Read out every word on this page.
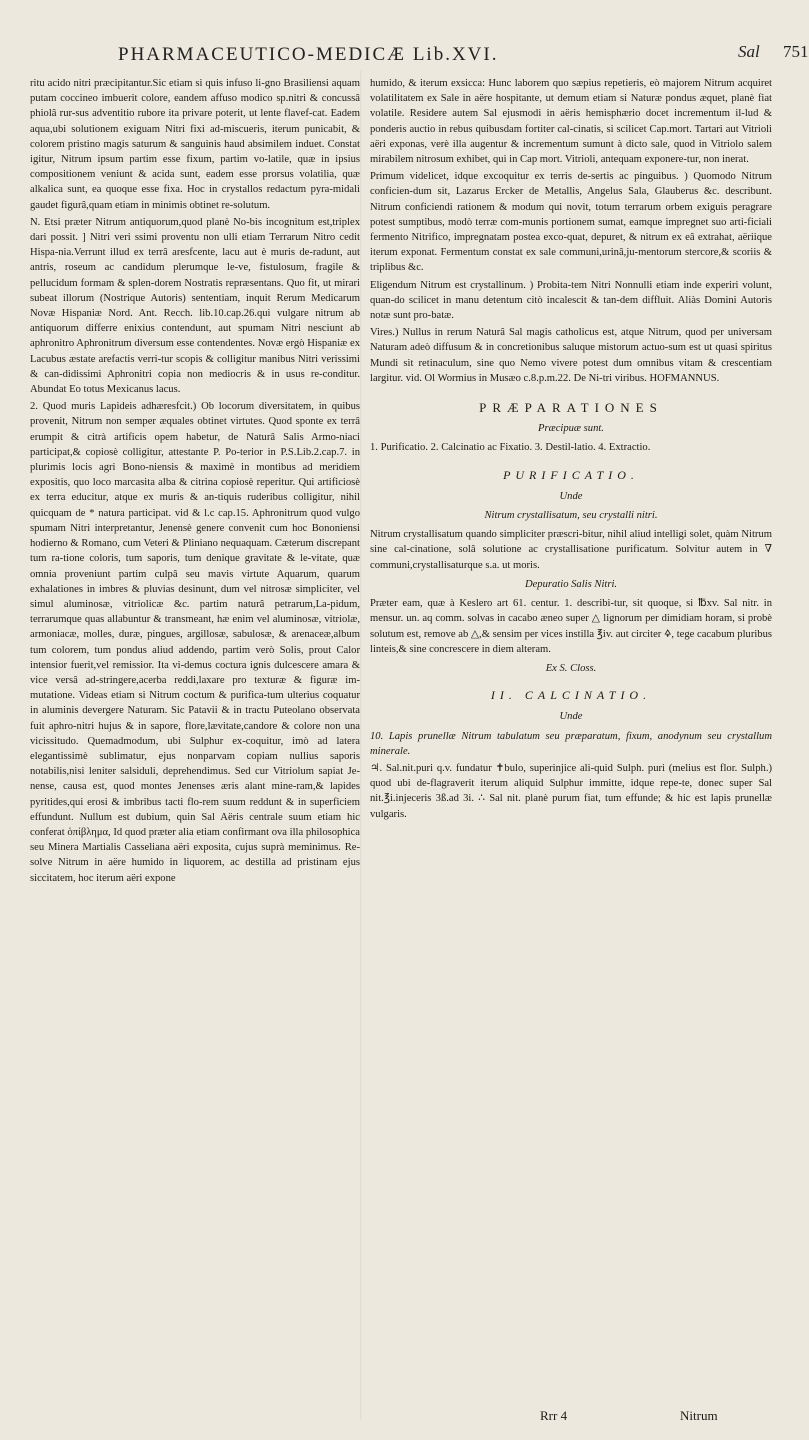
PHARMACEUTICO-MEDICÆ Lib.XVI.	Sal 751

ritu acido nitri præcipitantur.Sic etiam si quis infuso li-gno Brasiliensi aquam putam coccineo imbuerit colore, eandem affuso modico sp.nitri & concussâ phiolâ rur-sus adventitio rubore ita privare poterit, ut lente flavef-cat. Eadem aqua,ubi solutionem exiguam Nitri fixi ad-miscueris, iterum punicabit, & colorem pristino magis saturum & sanguinis haud absimilem induet. Constat igitur, Nitrum ipsum partim esse fixum, partim vo-latile, quæ in ipsius compositionem veniunt & acida sunt, eadem esse prorsus volatilia, quæ alkalica sunt, ea quoque esse fixa. Hoc in crystallos redactum pyra-midali gaudet figurâ,quam etiam in minimis obtinet re-solutum.

N. Etsi præter Nitrum antiquorum,quod planè No-bis incognitum est,triplex dari possit. ] Nitri veri ssimi proventu non ulli etiam Terrarum Nitro cedit Hispa-nia.Verrunt illud ex terrâ aresfcente, lacu aut è muris de-radunt, aut antris, roseum ac candidum plerumque le-ve, fistulosum, fragile & pellucidum formam & splen-dorem Nostratis repræsentans. Quo fit, ut mirari subeat illorum (Nostrique Autoris) sententiam, inquit Rerum Medicarum Novæ Hispaniæ Nord. Ant. Recch. lib.10.cap.26.qui vulgare nitrum ab antiquorum differre enixius contendunt, aut spumam Nitri nesciunt ab aphronitro Aphronitrum diversum esse contendentes. Novæ ergò Hispaniæ ex Lacubus æstate arefactis verri-tur scopis & colligitur manibus Nitri verissimi & can-didissimi Aphronitri copia non mediocris & in usus re-conditur. Abundat Eo totus Mexicanus lacus.

2. Quod muris Lapideis adhæresfcit.) Ob locorum diversitatem, in quibus provenit, Nitrum non semper æquales obtinet virtutes. Quod sponte ex terrâ erumpit & citrà artificis opem habetur, de Naturâ Salis Armo-niaci participat,& copiosè colligitur, attestante P. Po-terior in P.S.Lib.2.cap.7. in plurimis locis agri Bono-niensis & maximè in montibus ad meridiem expositis, quo loco marcasita alba & citrina copiosè reperitur. Qui artificiosè ex terra educitur, atque ex muris & an-tiquis ruderibus colligitur, nihil quicquam de * natura participat. vid & l.c cap.15. Aphronitrum quod vulgo spumam Nitri interpretantur, Jenensè genere convenit cum hoc Bononiensi hodierno & Romano, cum Veteri & Pliniano nequaquam. Cæterum discrepant tum ra-tione coloris, tum saporis, tum denique gravitate & le-vitate, quæ omnia proveniunt partim culpâ seu mavis virtute Aquarum, quarum exhalationes in imbres & pluvias desinunt, dum vel nitrosæ simpliciter, vel simul aluminosæ, vitriolicæ &c. partim naturâ petrarum,La-pidum, terrarumque quas allabuntur & transmeant, hæ enim vel aluminosæ, vitriolæ, armoniacæ, molles, duræ, pingues, argillosæ, sabulosæ, & arenaceæ,album tum colorem, tum pondus aliud addendo, partim verò Solis, prout Calor intensior fuerit,vel remissior. Ita vi-demus coctura ignis dulcescere amara & vice versâ ad-stringere,acerba reddi,laxare pro texturæ & figuræ im-mutatione. Videas etiam si Nitrum coctum & purifica-tum ulterius coquatur in aluminis devergere Naturam. Sic Patavii & in tractu Puteolano observata fuit aphro-nitri hujus & in sapore, flore,lævitate,candore & colore non una vicissitudo. Quemadmodum, ubi Sulphur ex-coquitur, imò ad latera elegantissimè sublimatur, ejus nonparvam copiam nullius saporis notabilis,nisi leniter salsiduli, deprehendimus. Sed cur Vitriolum sapiat Je-nense, causa est, quod montes Jenenses æris alant mine-ram,& lapides pyritides,qui erosi & imbribus tacti flo-rem suum reddunt & in superficiem effundunt. Nullum est dubium, quin Sal Aëris centrale suum etiam hic conferat ὁπίβλημα, Id quod præter alia etiam confirmant ova illa philosophica seu Minera Martialis Casseliana aëri exposita, cujus suprà meminimus. Re-solve Nitrum in aëre humido in liquorem, ac destilla ad pristinam ejus siccitatem, hoc iterum aëri expone

humido, & iterum exsicca: Hunc laborem quo sæpius repetieris, eò majorem Nitrum acquiret volatilitatem ex Sale in aëre hospitante, ut demum etiam si Naturæ pondus æquet, planè fiat volatile. Residere autem Sal ejusmodi in aëris hemisphærio docet incrementum il-lud & ponderis auctio in rebus quibusdam fortiter cal-cinatis, si scilicet Cap.mort. Tartari aut Vitrioli aëri exponas, verè illa augentur & incrementum sumunt à dicto sale, quod in Vitriolo salem mirabilem nitrosum exhibet, qui in Cap mort. Vitrioli, antequam exponere-tur, non inerat.

Primum videlicet, idque excoquitur ex terris de-sertis ac pinguibus. ) Quomodo Nitrum conficien-dum sit, Lazarus Ercker de Metallis, Angelus Sala, Glauberus &c. describunt. Nitrum conficiendi rationem & modum qui novit, totum terrarum orbem exiguis peragrare potest sumptibus, modò terræ com-munis portionem sumat, eamque impregnet suo arti-ficiali fermento Nitrifico, impregnatam postea exco-quat, depuret, & nitrum ex eâ extrahat, aëriique iterum exponat. Fermentum constat ex sale communi,urinâ,ju-mentorum stercore,& scoriis & triplibus &c.

Eligendum Nitrum est crystallinum. ) Probita-tem Nitri Nonnulli etiam inde experiri volunt, quan-do scilicet in manu detentum citò incalescit & tan-dem diffluit. Aliàs Domini Autoris notæ sunt pro-batæ.

Vires.) Nullus in rerum Naturâ Sal magis catholicus est, atque Nitrum, quod per universam Naturam adeò diffusum & in concretionibus saluque mistorum actuo-sum est ut quasi spiritus Mundi sit retinaculum, sine quo Nemo vivere potest dum omnibus vitam & crescentiam largitur. vid. Ol Wormius in Musæo c.8.p.m.22. De Ni-tri viribus. HOFMANNUS.

PRÆPARATIONES

Præcipuæ sunt.

1. Purificatio. 2. Calcinatio ac Fixatio. 3. Destil-latio. 4. Extractio.

PURIFICATIO.

Unde

Nitrum crystallisatum, seu crystalli nitri.

Nitrum crystallisatum quando simpliciter præscri-bitur, nihil aliud intelligi solet, quàm Nitrum sine cal-cinatione, solâ solutione ac crystallisatione purificatum. Solvitur autem in ∇ communi,crystallisaturque s.a. ut moris.

Depuratio Salis Nitri.

Præter eam, quæ à Keslero art 61. centur. 1. describi-tur, sit quoque, si ℔xv. Sal nitr. in mensur. un. aq comm. solvas in cacabo æneo super △ lignorum per dimidiam horam, si probè solutum est, remove ab △,& sensim per vices instilla ℥iv. aut circiter 🜍, tege cacabum pluribus linteis,& sine concrescere in diem alteram.

Ex S. Closs.

II. CALCINATIO.

Unde

10. Lapis prunellæ Nitrum tabulatum seu præparatum, fixum, anodynum seu crystallum minerale.

♃. Sal.nit.puri q.v. fundatur ✝bulo, superinjice ali-quid Sulph. puri (melius est flor. Sulph.) quod ubi de-flagraverit iterum aliquid Sulphur immitte, idque repe-te, donec super Sal nit.℥i.injeceris 3ß.ad 3i. ∴ Sal nit. planè purum fiat, tum effunde; & hic est lapis prunellæ vulgaris.

Rrr 4	Nitrum
